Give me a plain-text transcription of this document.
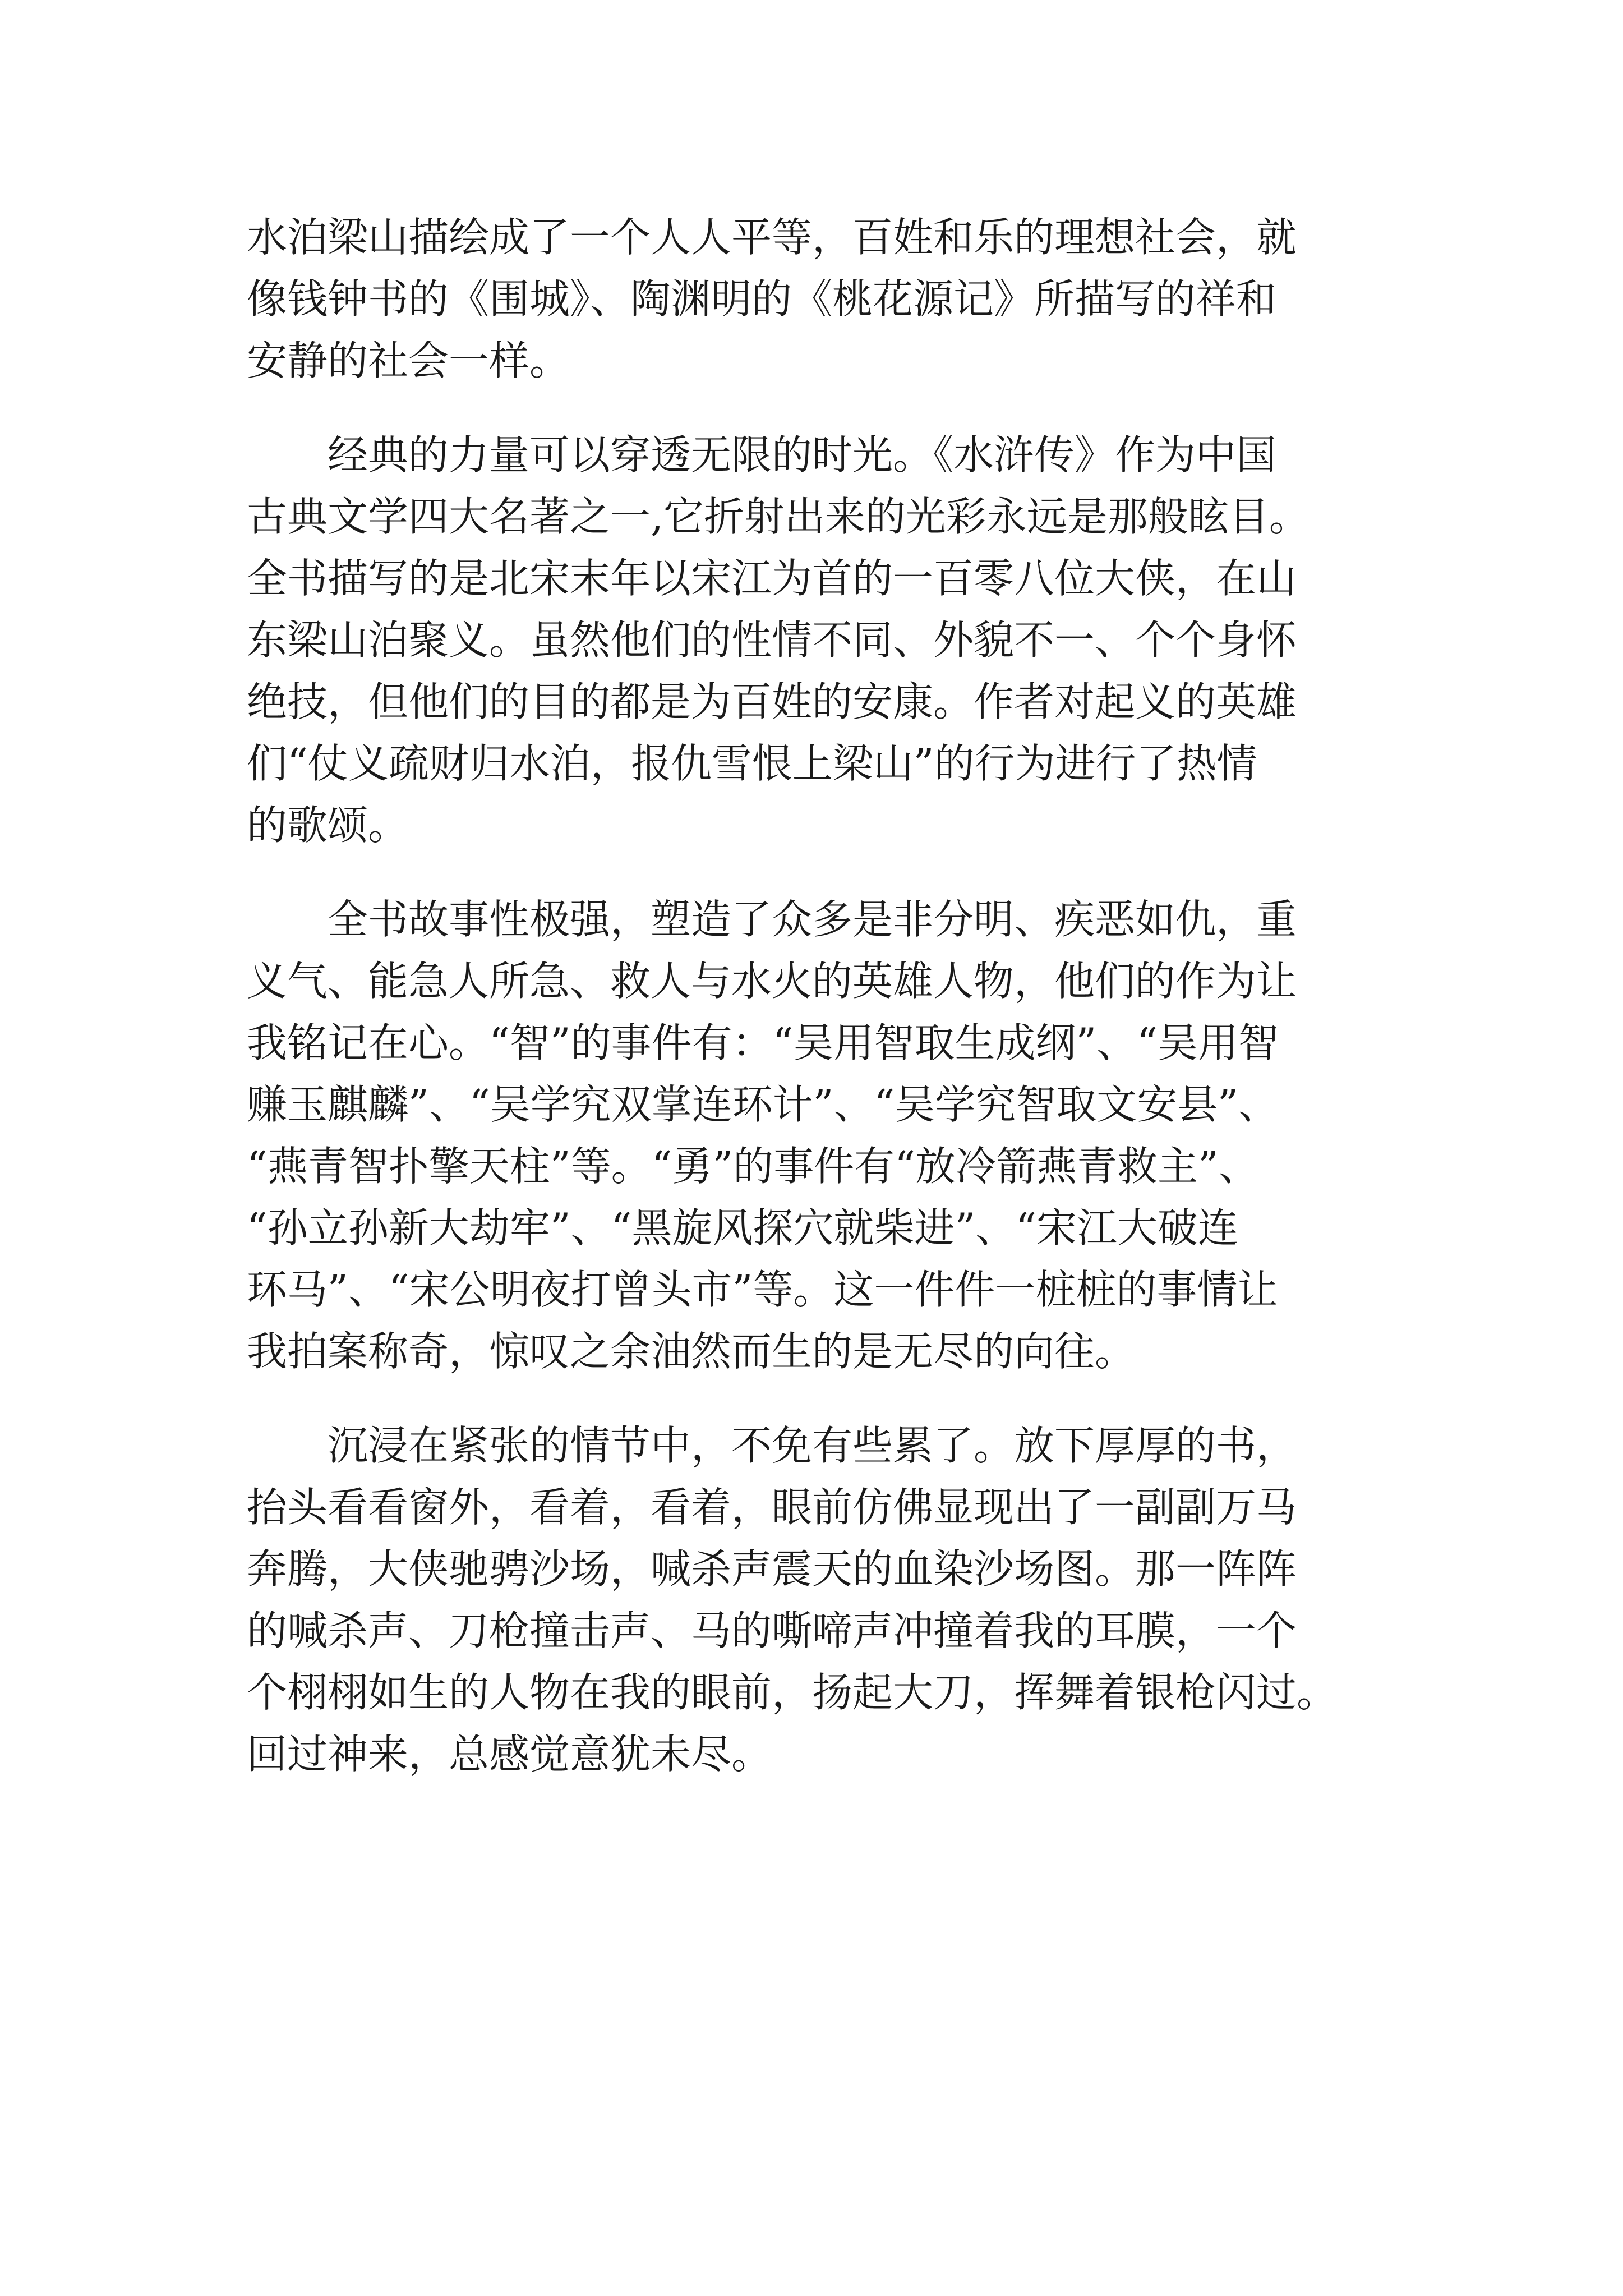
水泊梁山描绘成了一个人人平等，百姓和乐的理想社会，就
像钱钟书的《围城》、陶渊明的《桃花源记》所描写的祥和
安静的社会一样。
　　经典的力量可以穿透无限的时光。《水浒传》作为中国
古典文学四大名著之一,它折射出来的光彩永远是那般眩目。
全书描写的是北宋末年以宋江为首的一百零八位大侠，在山
东梁山泊聚义。虽然他们的性情不同、外貌不一、个个身怀
绝技，但他们的目的都是为百姓的安康。作者对起义的英雄
们“仗义疏财归水泊，报仇雪恨上梁山”的行为进行了热情
的歌颂。
　　全书故事性极强，塑造了众多是非分明、疾恶如仇，重
义气、能急人所急、救人与水火的英雄人物，他们的作为让
我铭记在心。“智”的事件有：“吴用智取生成纲”、“吴用智
赚玉麒麟”、“吴学究双掌连环计”、“吴学究智取文安县”、
“燕青智扑擎天柱”等。“勇”的事件有“放冷箭燕青救主”、
“孙立孙新大劫牢”、“黑旋风探穴就柴进”、“宋江大破连
环马”、“宋公明夜打曾头市”等。这一件件一桩桩的事情让
我拍案称奇，惊叹之余油然而生的是无尽的向往。
　　沉浸在紧张的情节中，不免有些累了。放下厚厚的书，
抬头看看窗外，看着，看着，眼前仿佛显现出了一副副万马
奔腾，大侠驰骋沙场，喊杀声震天的血染沙场图。那一阵阵
的喊杀声、刀枪撞击声、马的嘶啼声冲撞着我的耳膜，一个
个栩栩如生的人物在我的眼前，扬起大刀，挥舞着银枪闪过。
回过神来，总感觉意犹未尽。
